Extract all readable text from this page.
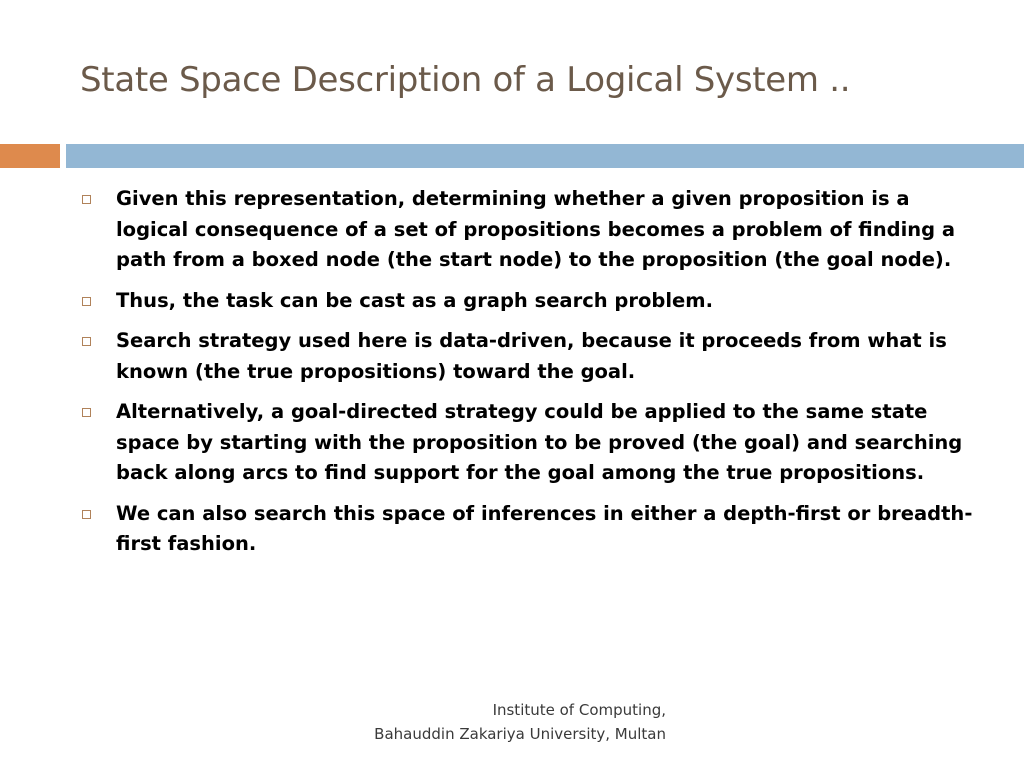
State Space Description of a Logical System ..
Given this representation, determining whether a given proposition is a logical consequence of a set of propositions becomes a problem of finding a path from a boxed node (the start node) to the proposition (the goal node).
Thus, the task can be cast as a graph search problem.
Search strategy used here is data-driven, because it proceeds from what is known (the true propositions) toward the goal.
Alternatively, a goal-directed strategy could be applied to the same state space by starting with the proposition to be proved (the goal) and searching back along arcs to find support for the goal among the true propositions.
We can also search this space of inferences in either a depth-first or breadth-first fashion.
Institute of Computing,
Bahauddin Zakariya University, Multan
